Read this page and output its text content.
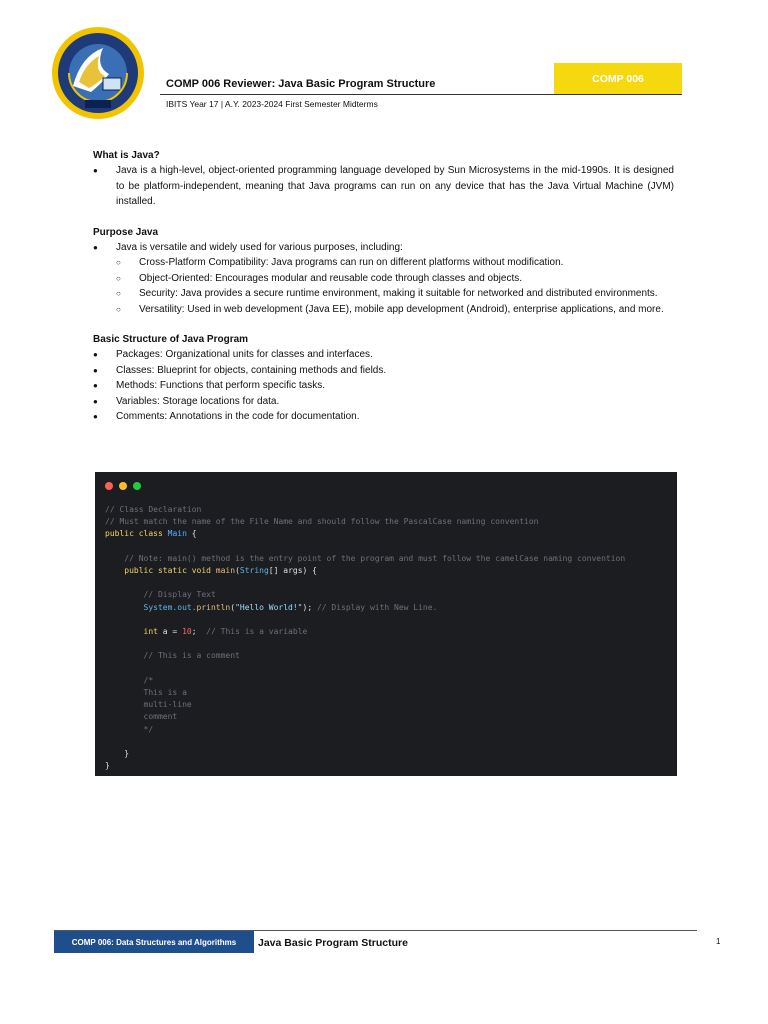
COMP 006 Reviewer: Java Basic Program Structure	COMP 006
IBITS Year 17 | A.Y. 2023-2024 First Semester Midterms
What is Java?
● Java is a high-level, object-oriented programming language developed by Sun Microsystems in the mid-1990s. It is designed to be platform-independent, meaning that Java programs can run on any device that has the Java Virtual Machine (JVM) installed.
Purpose Java
● Java is versatile and widely used for various purposes, including:
○ Cross-Platform Compatibility: Java programs can run on different platforms without modification.
○ Object-Oriented: Encourages modular and reusable code through classes and objects.
○ Security: Java provides a secure runtime environment, making it suitable for networked and distributed environments.
○ Versatility: Used in web development (Java EE), mobile app development (Android), enterprise applications, and more.
Basic Structure of Java Program
● Packages: Organizational units for classes and interfaces.
● Classes: Blueprint for objects, containing methods and fields.
● Methods: Functions that perform specific tasks.
● Variables: Storage locations for data.
● Comments: Annotations in the code for documentation.
// Class Declaration
// Must match the name of the File Name and should follow the PascalCase naming convention
public class Main {

// Note: main() method is the entry point of the program and must follow the camelCase naming convention
public static void main(String[] args) {

// Display Text
System.out.println("Hello World!"); // Display with New Line.

int a = 10;  // This is a variable

// This is a comment

/*
This is a
multi-line
comment
*/

}
}
COMP 006: Data Structures and Algorithms	Java Basic Program Structure	1
